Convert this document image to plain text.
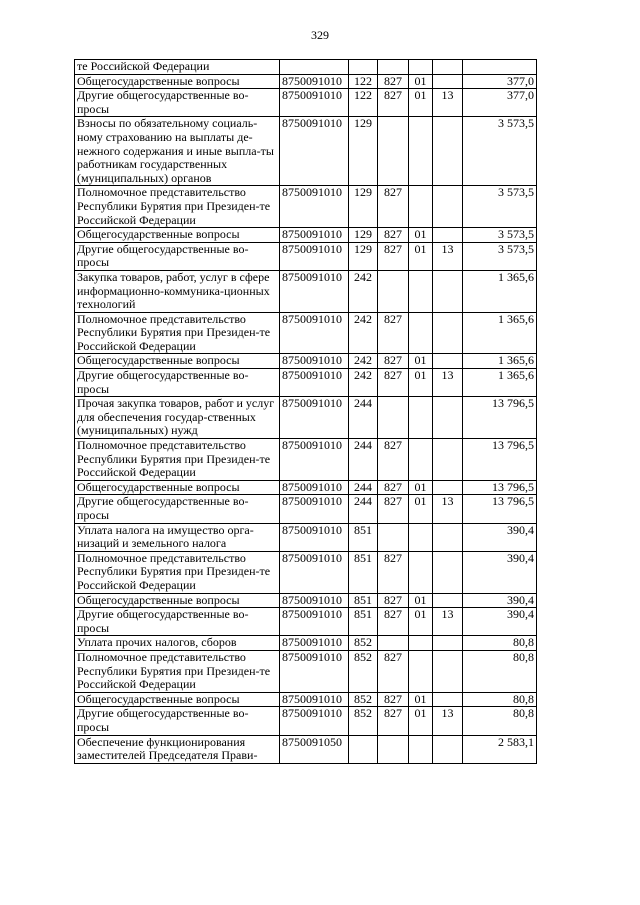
329
те Российской Федерации						
Общегосударственные вопросы	8750091010	122	827	01		377,0
Другие общегосударственные во-просы	8750091010	122	827	01	13	377,0
Взносы по обязательному социаль-ному страхованию на выплаты де-нежного содержания и иные выпла-ты работникам государственных (муниципальных) органов	8750091010	129				3 573,5
Полномочное представительство Республики Бурятия при Президен-те Российской Федерации	8750091010	129	827			3 573,5
Общегосударственные вопросы	8750091010	129	827	01		3 573,5
Другие общегосударственные во-просы	8750091010	129	827	01	13	3 573,5
Закупка товаров, работ, услуг в сфере информационно-коммуника-ционных технологий	8750091010	242				1 365,6
Полномочное представительство Республики Бурятия при Президен-те Российской Федерации	8750091010	242	827			1 365,6
Общегосударственные вопросы	8750091010	242	827	01		1 365,6
Другие общегосударственные во-просы	8750091010	242	827	01	13	1 365,6
Прочая закупка товаров, работ и услуг для обеспечения государ-ственных (муниципальных) нужд	8750091010	244				13 796,5
Полномочное представительство Республики Бурятия при Президен-те Российской Федерации	8750091010	244	827			13 796,5
Общегосударственные вопросы	8750091010	244	827	01		13 796,5
Другие общегосударственные во-просы	8750091010	244	827	01	13	13 796,5
Уплата налога на имущество орга-низаций и земельного налога	8750091010	851				390,4
Полномочное представительство Республики Бурятия при Президен-те Российской Федерации	8750091010	851	827			390,4
Общегосударственные вопросы	8750091010	851	827	01		390,4
Другие общегосударственные во-просы	8750091010	851	827	01	13	390,4
Уплата прочих налогов, сборов	8750091010	852				80,8
Полномочное представительство Республики Бурятия при Президен-те Российской Федерации	8750091010	852	827			80,8
Общегосударственные вопросы	8750091010	852	827	01		80,8
Другие общегосударственные во-просы	8750091010	852	827	01	13	80,8
Обеспечение функционирования заместителей Председателя Прави-	8750091050					2 583,1
